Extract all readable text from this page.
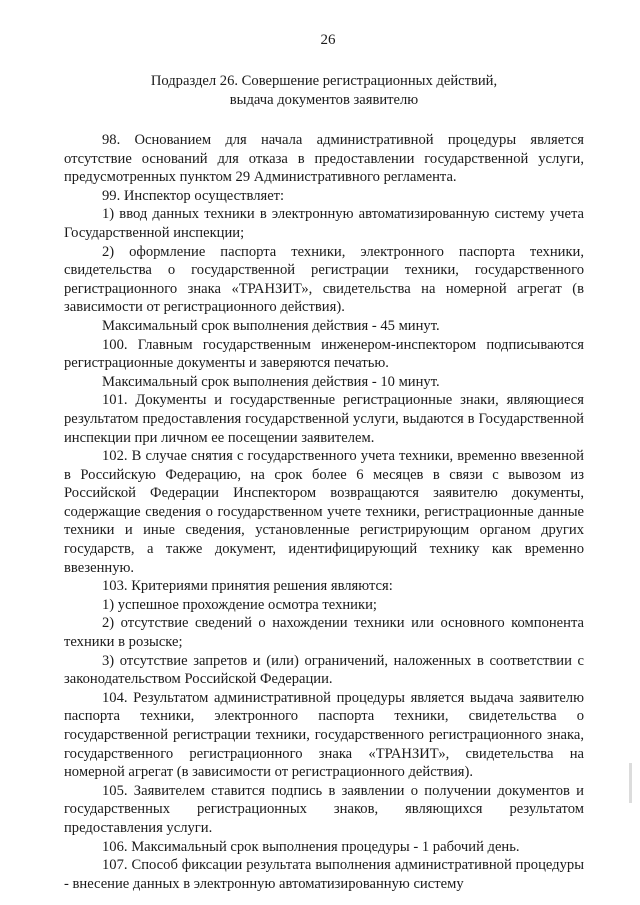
26
Подраздел 26. Совершение регистрационных действий,
выдача документов заявителю

98. Основанием для начала административной процедуры является отсутствие оснований для отказа в предоставлении государственной услуги, предусмотренных пунктом 29 Административного регламента.

99. Инспектор осуществляет:

1) ввод данных техники в электронную автоматизированную систему учета Государственной инспекции;

2) оформление паспорта техники, электронного паспорта техники, свидетельства о государственной регистрации техники, государственного регистрационного знака «ТРАНЗИТ», свидетельства на номерной агрегат (в зависимости от регистрационного действия).

Максимальный срок выполнения действия - 45 минут.

100. Главным государственным инженером-инспектором подписываются регистрационные документы и заверяются печатью.

Максимальный срок выполнения действия - 10 минут.

101. Документы и государственные регистрационные знаки, являющиеся результатом предоставления государственной услуги, выдаются в Государственной инспекции при личном ее посещении заявителем.

102. В случае снятия с государственного учета техники, временно ввезенной в Российскую Федерацию, на срок более 6 месяцев в связи с вывозом из Российской Федерации Инспектором возвращаются заявителю документы, содержащие сведения о государственном учете техники, регистрационные данные техники и иные сведения, установленные регистрирующим органом других государств, а также документ, идентифицирующий технику как временно ввезенную.

103. Критериями принятия решения являются:

1) успешное прохождение осмотра техники;

2) отсутствие сведений о нахождении техники или основного компонента техники в розыске;

3) отсутствие запретов и (или) ограничений, наложенных в соответствии с законодательством Российской Федерации.

104. Результатом административной процедуры является выдача заявителю паспорта техники, электронного паспорта техники, свидетельства о государственной регистрации техники, государственного регистрационного знака, государственного регистрационного знака «ТРАНЗИТ», свидетельства на номерной агрегат (в зависимости от регистрационного действия).

105. Заявителем ставится подпись в заявлении о получении документов и государственных регистрационных знаков, являющихся результатом предоставления услуги.

106. Максимальный срок выполнения процедуры - 1 рабочий день.

107. Способ фиксации результата выполнения административной процедуры - внесение данных в электронную автоматизированную систему
